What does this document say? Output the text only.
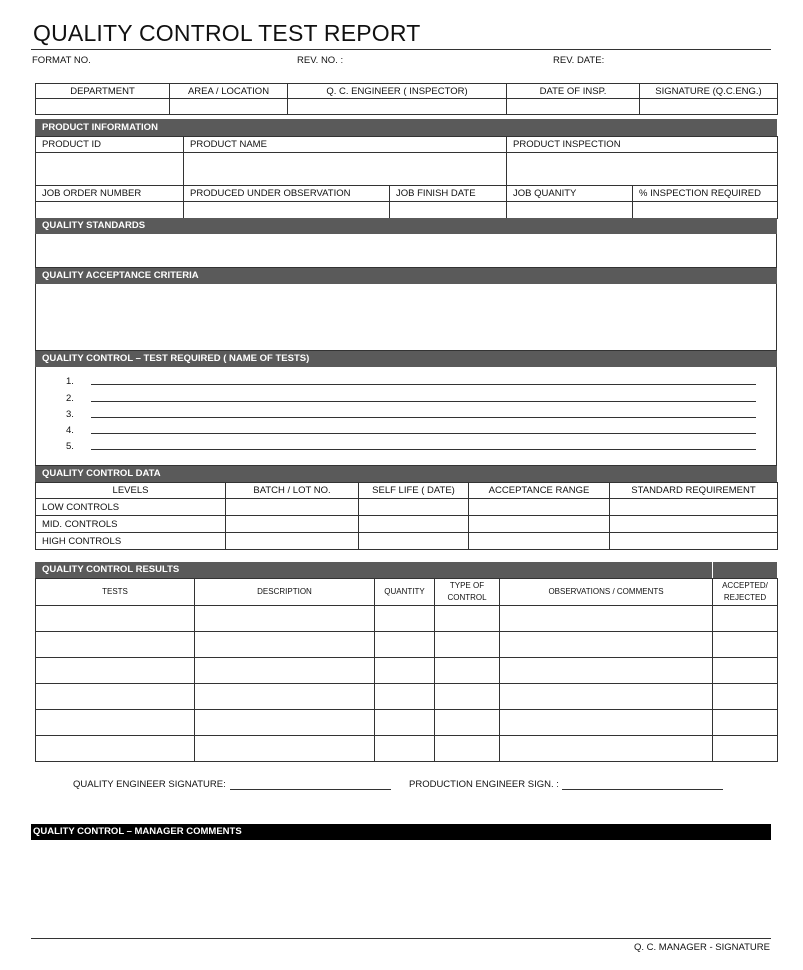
QUALITY CONTROL TEST REPORT
FORMAT NO.	REV. NO. :	REV. DATE:
DEPARTMENT	AREA / LOCATION	Q. C. ENGINEER ( INSPECTOR)	DATE OF INSP.	SIGNATURE (Q.C.ENG.)

PRODUCT INFORMATION
PRODUCT ID	PRODUCT NAME		PRODUCT INSPECTION	

JOB ORDER NUMBER	PRODUCED UNDER OBSERVATION	JOB FINISH DATE	JOB QUANITY	% INSPECTION REQUIRED

QUALITY STANDARDS
QUALITY ACCEPTANCE CRITERIA
QUALITY CONTROL – TEST REQUIRED ( NAME OF TESTS)
1.
2.
3.
4.
5.
QUALITY CONTROL DATA
LEVELS	BATCH / LOT NO.	SELF LIFE ( DATE)	ACCEPTANCE RANGE	STANDARD REQUIREMENT
LOW CONTROLS				
MID. CONTROLS				
HIGH CONTROLS				
QUALITY CONTROL RESULTS
TESTS	DESCRIPTION	QUANTITY	TYPE OF CONTROL	OBSERVATIONS / COMMENTS	ACCEPTED/ REJECTED

QUALITY ENGINEER SIGNATURE:	PRODUCTION ENGINEER SIGN. :
QUALITY CONTROL – MANAGER COMMENTS
Q. C. MANAGER - SIGNATURE
